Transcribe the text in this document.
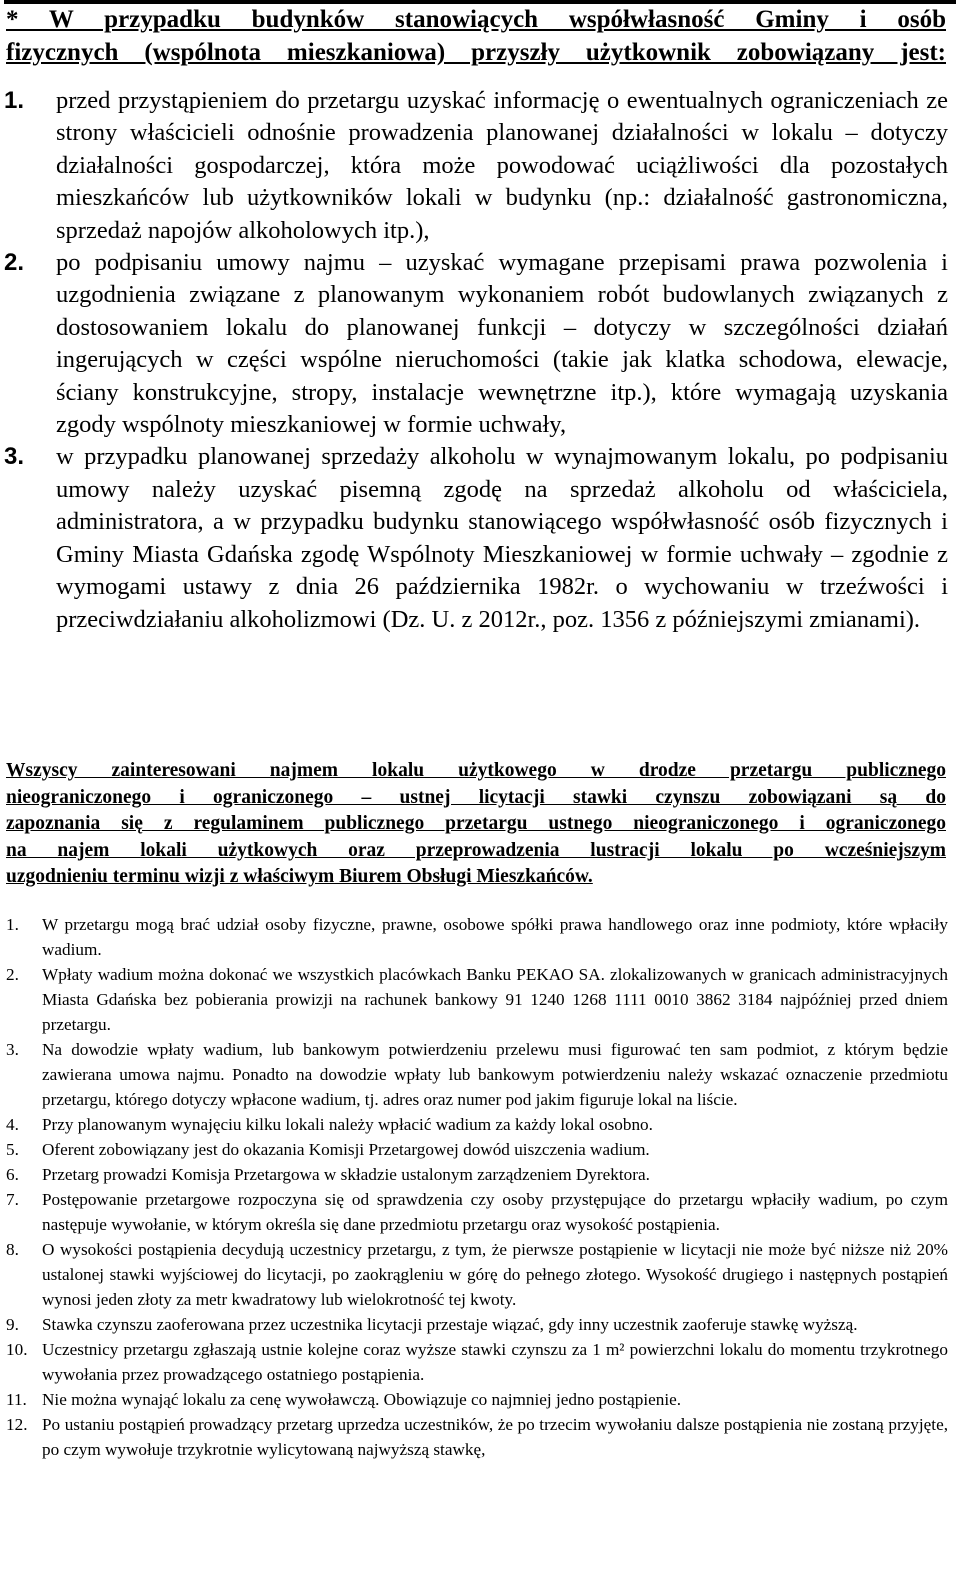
* W przypadku budynków stanowiących współwłasność Gminy i osób
fizycznych (wspólnota mieszkaniowa) przyszły użytkownik zobowiązany jest:
1. przed przystąpieniem do przetargu uzyskać informację o ewentualnych ograniczeniach ze strony właścicieli odnośnie prowadzenia planowanej działalności w lokalu – dotyczy działalności gospodarczej, która może powodować uciążliwości dla pozostałych mieszkańców lub użytkowników lokali w budynku (np.: działalność gastronomiczna, sprzedaż napojów alkoholowych itp.),
2. po podpisaniu umowy najmu – uzyskać wymagane przepisami prawa pozwolenia i uzgodnienia związane z planowanym wykonaniem robót budowlanych związanych z dostosowaniem lokalu do planowanej funkcji – dotyczy w szczególności działań ingerujących w części wspólne nieruchomości (takie jak klatka schodowa, elewacje, ściany konstrukcyjne, stropy, instalacje wewnętrzne itp.), które wymagają uzyskania zgody wspólnoty mieszkaniowej w formie uchwały,
3. w przypadku planowanej sprzedaży alkoholu w wynajmowanym lokalu, po podpisaniu umowy należy uzyskać pisemną zgodę na sprzedaż alkoholu od właściciela, administratora, a w przypadku budynku stanowiącego współwłasność osób fizycznych i Gminy Miasta Gdańska zgodę Wspólnoty Mieszkaniowej w formie uchwały – zgodnie z wymogami ustawy z dnia 26 października 1982r. o wychowaniu w trzeźwości i przeciwdziałaniu alkoholizmowi (Dz. U. z 2012r., poz. 1356 z późniejszymi zmianami).
Wszyscy zainteresowani najmem lokalu użytkowego w drodze przetargu publicznego
nieograniczonego i ograniczonego – ustnej licytacji stawki czynszu zobowiązani są do
zapoznania się z regulaminem publicznego przetargu ustnego nieograniczonego i ograniczonego
na najem lokali użytkowych oraz przeprowadzenia lustracji lokalu po wcześniejszym
uzgodnieniu terminu wizji z właściwym Biurem Obsługi Mieszkańców.
1. W przetargu mogą brać udział osoby fizyczne, prawne, osobowe spółki prawa handlowego oraz inne podmioty, które wpłaciły wadium.
2. Wpłaty wadium można dokonać we wszystkich placówkach Banku PEKAO SA. zlokalizowanych w granicach administracyjnych Miasta Gdańska bez pobierania prowizji na rachunek bankowy 91 1240 1268 1111 0010 3862 3184 najpóźniej przed dniem przetargu.
3. Na dowodzie wpłaty wadium, lub bankowym potwierdzeniu przelewu musi figurować ten sam podmiot, z którym będzie zawierana umowa najmu. Ponadto na dowodzie wpłaty lub bankowym potwierdzeniu należy wskazać oznaczenie przedmiotu przetargu, którego dotyczy wpłacone wadium, tj. adres oraz numer pod jakim figuruje lokal na liście.
4. Przy planowanym wynajęciu kilku lokali należy wpłacić wadium za każdy lokal osobno.
5. Oferent zobowiązany jest do okazania Komisji Przetargowej dowód uiszczenia wadium.
6. Przetarg prowadzi Komisja Przetargowa w składzie ustalonym zarządzeniem Dyrektora.
7. Postępowanie przetargowe rozpoczyna się od sprawdzenia czy osoby przystępujące do przetargu wpłaciły wadium, po czym następuje wywołanie, w którym określa się dane przedmiotu przetargu oraz wysokość postąpienia.
8. O wysokości postąpienia decydują uczestnicy przetargu, z tym, że pierwsze postąpienie w licytacji nie może być niższe niż 20% ustalonej stawki wyjściowej do licytacji, po zaokrągleniu w górę do pełnego złotego. Wysokość drugiego i następnych postąpień wynosi jeden złoty za metr kwadratowy lub wielokrotność tej kwoty.
9. Stawka czynszu zaoferowana przez uczestnika licytacji przestaje wiązać, gdy inny uczestnik zaoferuje stawkę wyższą.
10. Uczestnicy przetargu zgłaszają ustnie kolejne coraz wyższe stawki czynszu za 1 m² powierzchni lokalu do momentu trzykrotnego wywołania przez prowadzącego ostatniego postąpienia.
11. Nie można wynająć lokalu za cenę wywoławczą. Obowiązuje co najmniej jedno postąpienie.
12. Po ustaniu postąpień prowadzący przetarg uprzedza uczestników, że po trzecim wywołaniu dalsze postąpienia nie zostaną przyjęte, po czym wywołuje trzykrotnie wylicytowaną najwyższą stawkę,
